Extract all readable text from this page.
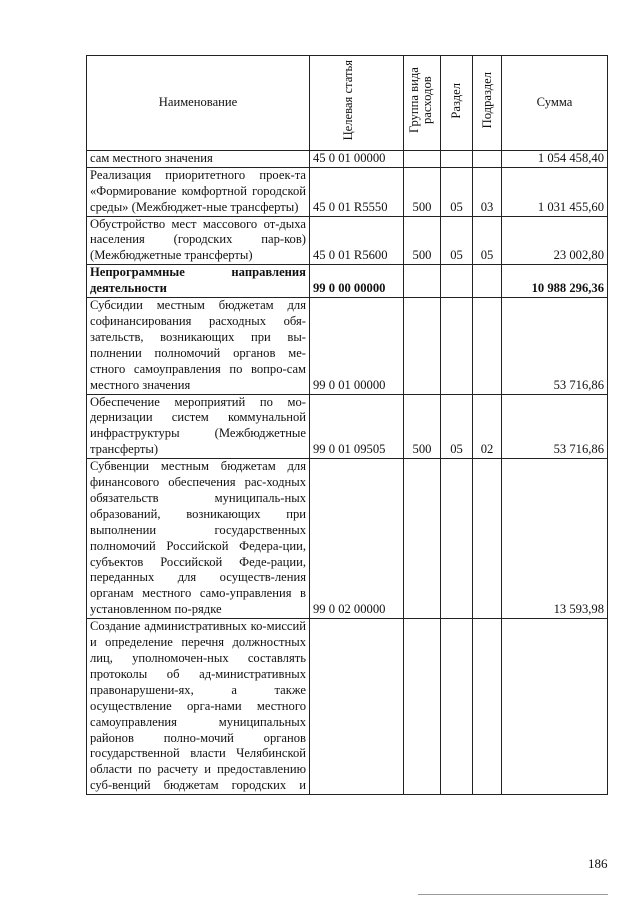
Наименование	Целевая статья	Группа вида расходов	Раздел	Подраздел	Сумма
сам местного значения	45 0 01 00000				1 054 458,40
Реализация приоритетного проек-та «Формирование комфортной городской среды» (Межбюджет-ные трансферты)	45 0 01 R5550	500	05	03	1 031 455,60
Обустройство мест массового от-дыха населения (городских пар-ков) (Межбюджетные трансферты)	45 0 01 R5600	500	05	05	23 002,80
Непрограммные направления деятельности	99 0 00 00000				10 988 296,36
Субсидии местным бюджетам для софинансирования расходных обя-зательств, возникающих при вы-полнении полномочий органов ме-стного самоуправления по вопро-сам местного значения	99 0 01 00000				53 716,86
Обеспечение мероприятий по мо-дернизации систем коммунальной инфраструктуры (Межбюджетные трансферты)	99 0 01 09505	500	05	02	53 716,86
Субвенции местным бюджетам для финансового обеспечения рас-ходных обязательств муниципаль-ных образований, возникающих при выполнении государственных полномочий Российской Федера-ции, субъектов Российской Феде-рации, переданных для осуществ-ления органам местного само-управления в установленном по-рядке	99 0 02 00000				13 593,98
Создание административных ко-миссий и определение перечня должностных лиц, уполномочен-ных составлять протоколы об ад-министративных правонарушени-ях, а также осуществление орга-нами местного самоуправления муниципальных районов полно-мочий органов государственной власти Челябинской области по расчету и предоставлению суб-венций бюджетам городских и					
186
